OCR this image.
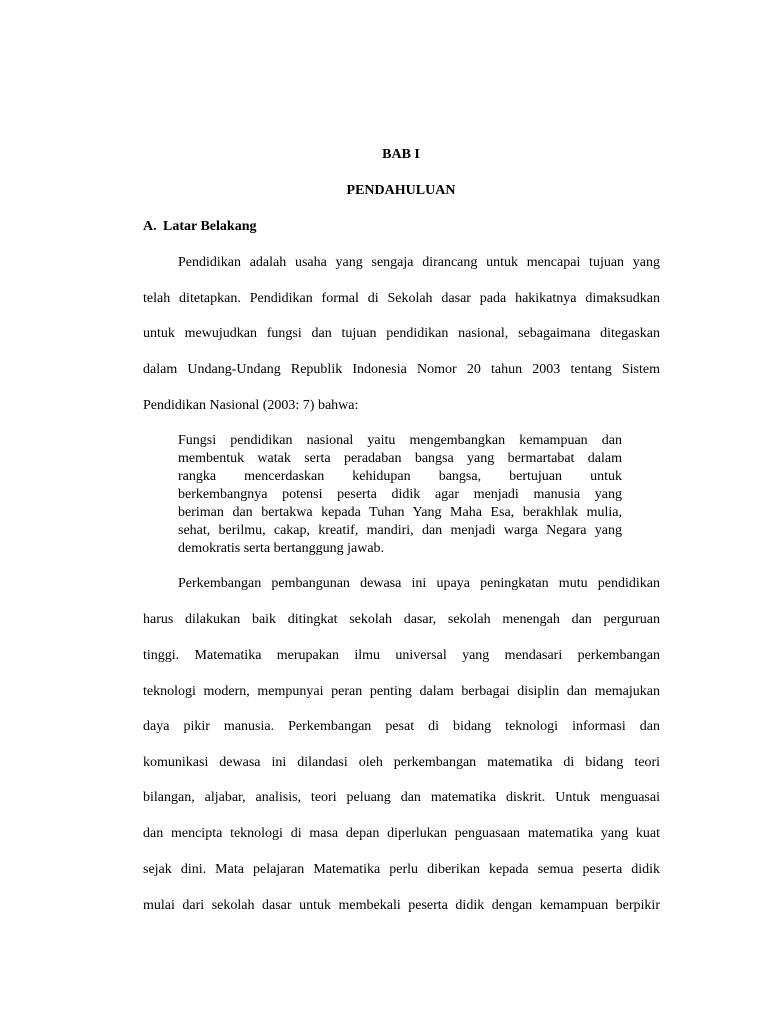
BAB I
PENDAHULUAN
A. Latar Belakang
Pendidikan adalah usaha yang sengaja dirancang untuk mencapai tujuan yang
telah ditetapkan. Pendidikan formal di Sekolah dasar pada hakikatnya dimaksudkan
untuk mewujudkan fungsi dan tujuan pendidikan nasional, sebagaimana ditegaskan
dalam Undang-Undang Republik Indonesia Nomor 20 tahun 2003 tentang Sistem
Pendidikan Nasional (2003: 7) bahwa:
Fungsi pendidikan nasional yaitu mengembangkan kemampuan dan
membentuk watak serta peradaban bangsa yang bermartabat dalam
rangka mencerdaskan kehidupan bangsa, bertujuan untuk
berkembangnya potensi peserta didik agar menjadi manusia yang
beriman dan bertakwa kepada Tuhan Yang Maha Esa, berakhlak mulia,
sehat, berilmu, cakap, kreatif, mandiri, dan menjadi warga Negara yang
demokratis serta bertanggung jawab.
Perkembangan pembangunan dewasa ini upaya peningkatan mutu pendidikan
harus dilakukan baik ditingkat sekolah dasar, sekolah menengah dan perguruan
tinggi. Matematika merupakan ilmu universal yang mendasari perkembangan
teknologi modern, mempunyai peran penting dalam berbagai disiplin dan memajukan
daya pikir manusia. Perkembangan pesat di bidang teknologi informasi dan
komunikasi dewasa ini dilandasi oleh perkembangan matematika di bidang teori
bilangan, aljabar, analisis, teori peluang dan matematika diskrit. Untuk menguasai
dan mencipta teknologi di masa depan diperlukan penguasaan matematika yang kuat
sejak dini. Mata pelajaran Matematika perlu diberikan kepada semua peserta didik
mulai dari sekolah dasar untuk membekali peserta didik dengan kemampuan berpikir
